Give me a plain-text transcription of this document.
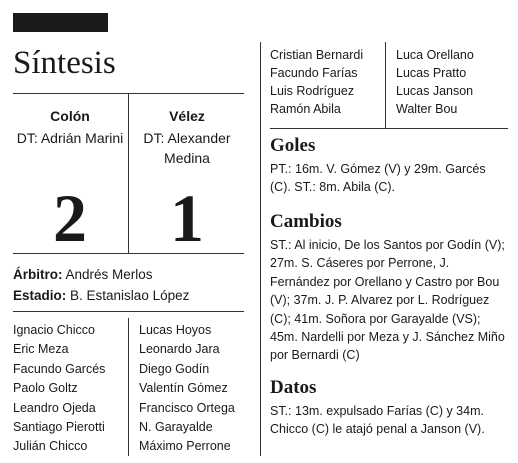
Síntesis
Colón
DT: Adrián Marini
Vélez
DT: Alexander Medina
2	1
Árbitro: Andrés Merlos
Estadio: B. Estanislao López
Ignacio Chicco
Eric Meza
Facundo Garcés
Paolo Goltz
Leandro Ojeda
Santiago Pierotti
Julián Chicco
Lucas Hoyos
Leonardo Jara
Diego Godín
Valentín Gómez
Francisco Ortega
N. Garayalde
Máximo Perrone
Cristian Bernardi
Facundo Farías
Luis Rodríguez
Ramón Abila
Luca Orellano
Lucas Pratto
Lucas Janson
Walter Bou
Goles
PT.: 16m. V. Gómez (V) y 29m. Garcés (C). ST.: 8m. Abila (C).
Cambios
ST.: Al inicio, De los Santos por Godín (V); 27m. S. Cáseres por Perrone, J. Fernández por Orellano y Castro por Bou (V); 37m. J. P. Alvarez por L. Rodríguez (C); 41m. Soñora por Garayalde (VS); 45m. Nardelli por Meza y J. Sánchez Miño por Bernardi (C)
Datos
ST.: 13m. expulsado Farías (C) y 34m. Chicco (C) le atajó penal a Janson (V).
